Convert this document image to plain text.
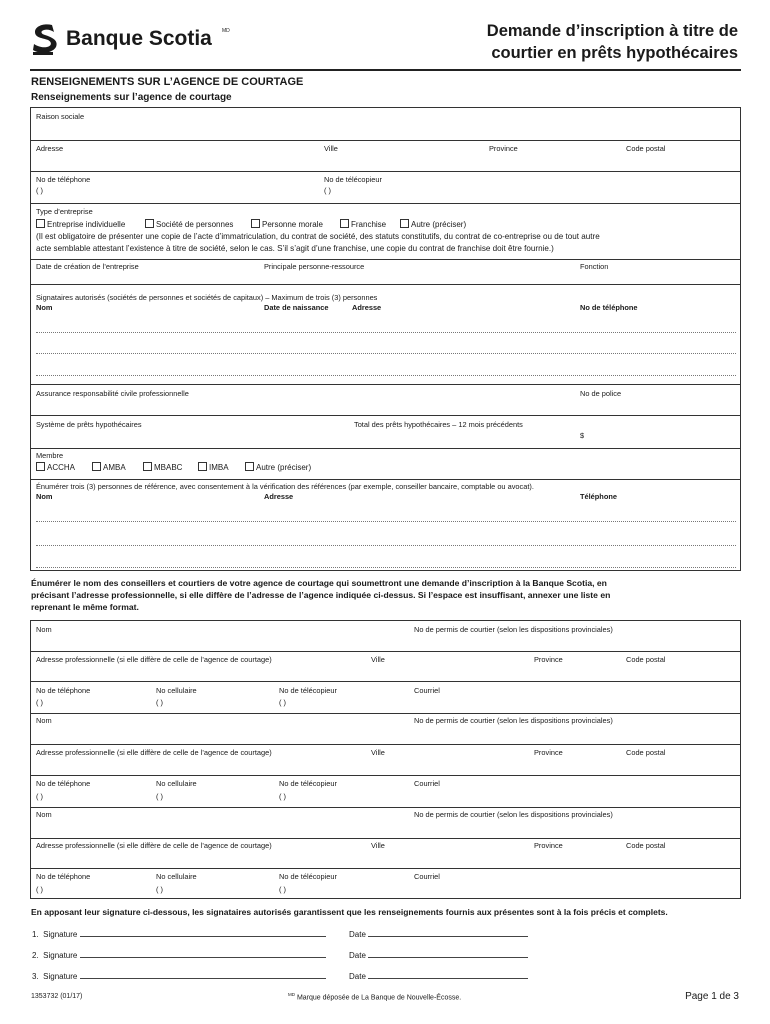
Banque Scotia MD	Demande d’inscription à titre de
courtier en prêts hypothécaires
RENSEIGNEMENTS SUR L’AGENCE DE COURTAGE
Renseignements sur l’agence de courtage
Raison sociale
Adresse	Ville	Province	Code postal
No de téléphone
( )
No de télécopieur
( )
Type d’entreprise
Entreprise individuelle	Société de personnes	Personne morale	Franchise	Autre (préciser)
(Il est obligatoire de présenter une copie de l’acte d’immatriculation, du contrat de société, des statuts constitutifs, du contrat de co-entreprise ou de tout autre
acte semblable attestant l’existence à titre de société, selon le cas. S’il s’agit d’une franchise, une copie du contrat de franchise doit être fournie.)
Date de création de l’entreprise	Principale personne-ressource	Fonction
Signataires autorisés (sociétés de personnes et sociétés de capitaux) – Maximum de trois (3) personnes
Nom	Date de naissance	Adresse	No de téléphone
Assurance responsabilité civile professionnelle	No de police
Système de prêts hypothécaires	Total des prêts hypothécaires – 12 mois précédents
$
Membre
ACCHA	AMBA	MBABC	IMBA	Autre (préciser)
Énumérer trois (3) personnes de référence, avec consentement à la vérification des références (par exemple, conseiller bancaire, comptable ou avocat).
Nom	Adresse	Téléphone
Énumérer le nom des conseillers et courtiers de votre agence de courtage qui soumettront une demande d’inscription à la Banque Scotia, en
précisant l’adresse professionnelle, si elle diffère de l’adresse de l’agence indiquée ci-dessus. Si l’espace est insuffisant, annexer une liste en
reprenant le même format.
Nom	No de permis de courtier (selon les dispositions provinciales)
Adresse professionnelle (si elle diffère de celle de l’agence de courtage)	Ville	Province	Code postal
No de téléphone	No cellulaire	No de télécopieur	Courriel
( )	( )	( )
Nom	No de permis de courtier (selon les dispositions provinciales)
Adresse professionnelle (si elle diffère de celle de l’agence de courtage)	Ville	Province	Code postal
No de téléphone	No cellulaire	No de télécopieur	Courriel
( )	( )	( )
Nom	No de permis de courtier (selon les dispositions provinciales)
Adresse professionnelle (si elle diffère de celle de l’agence de courtage)	Ville	Province	Code postal
No de téléphone	No cellulaire	No de télécopieur	Courriel
( )	( )	( )
En apposant leur signature ci-dessous, les signataires autorisés garantissent que les renseignements fournis aux présentes sont à la fois précis et complets.
1. Signature	Date
2. Signature	Date
3. Signature	Date
1353732 (01/17)	$^{MD}$ Marque déposée de La Banque de Nouvelle-Écosse.	Page 1 de 3
